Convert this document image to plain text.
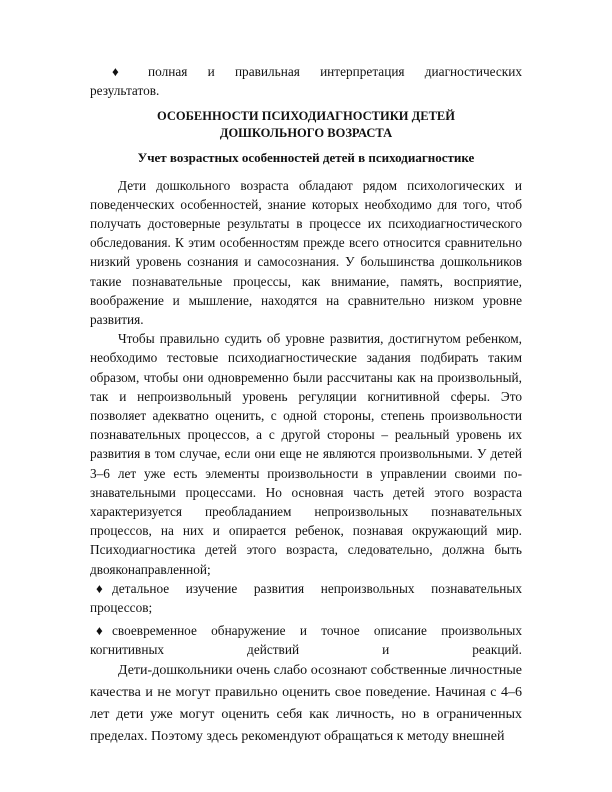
♦ полная и правильная интерпретация диагностических

результатов.

ОСОБЕННОСТИ ПСИХОДИАГНОСТИКИ ДЕТЕЙ

ДОШКОЛЬНОГО ВОЗРАСТА

Учет возрастных особенностей детей в психодиагностике

Дети дошкольного возраста обладают рядом психологических и поведенческих особенностей, знание которых необходимо для того, чтоб получать достоверные результаты в процессе их психодиагностического обследования. К этим особенностям прежде всего относится сравнительно низкий уровень сознания и самосознания. У большинства дошкольников такие познавательные процессы, как внимание, память, восприятие, воображение и мышление, находятся на сравнительно низком уровне развития.

Чтобы правильно судить об уровне развития, достигнутом ребенком, необходимо тестовые психодиагностические задания подбирать таким образом, чтобы они одновременно были рассчитаны как на произвольный, так и непроизвольный уровень регуляции когнитивной сферы. Это позволяет адекватно оценить, с одной стороны, степень произвольности познавательных процессов, а с другой стороны – реальный уровень их развития в том случае, если они еще не являются произвольными. У детей 3–6 лет уже есть элементы произвольности в управлении своими по-знавательными процессами. Но основная часть детей этого возраста характеризуется преобладанием непроизвольных познавательных процессов, на них и опирается ребенок, познавая окружающий мир. Психодиагностика детей этого возраста, следовательно, должна быть двояконаправленной;

♦ детальное изучение развития непроизвольных познавательных процессов;

♦ своевременное обнаружение и точное описание произвольных

когнитивных действий и реакций.

Дети-дошкольники очень слабо осознают собственные личностные качества и не могут правильно оценить свое поведение. Начиная с 4–6 лет дети уже могут оценить себя как личность, но в ограниченных пределах. Поэтому здесь рекомендуют обращаться к методу внешней
